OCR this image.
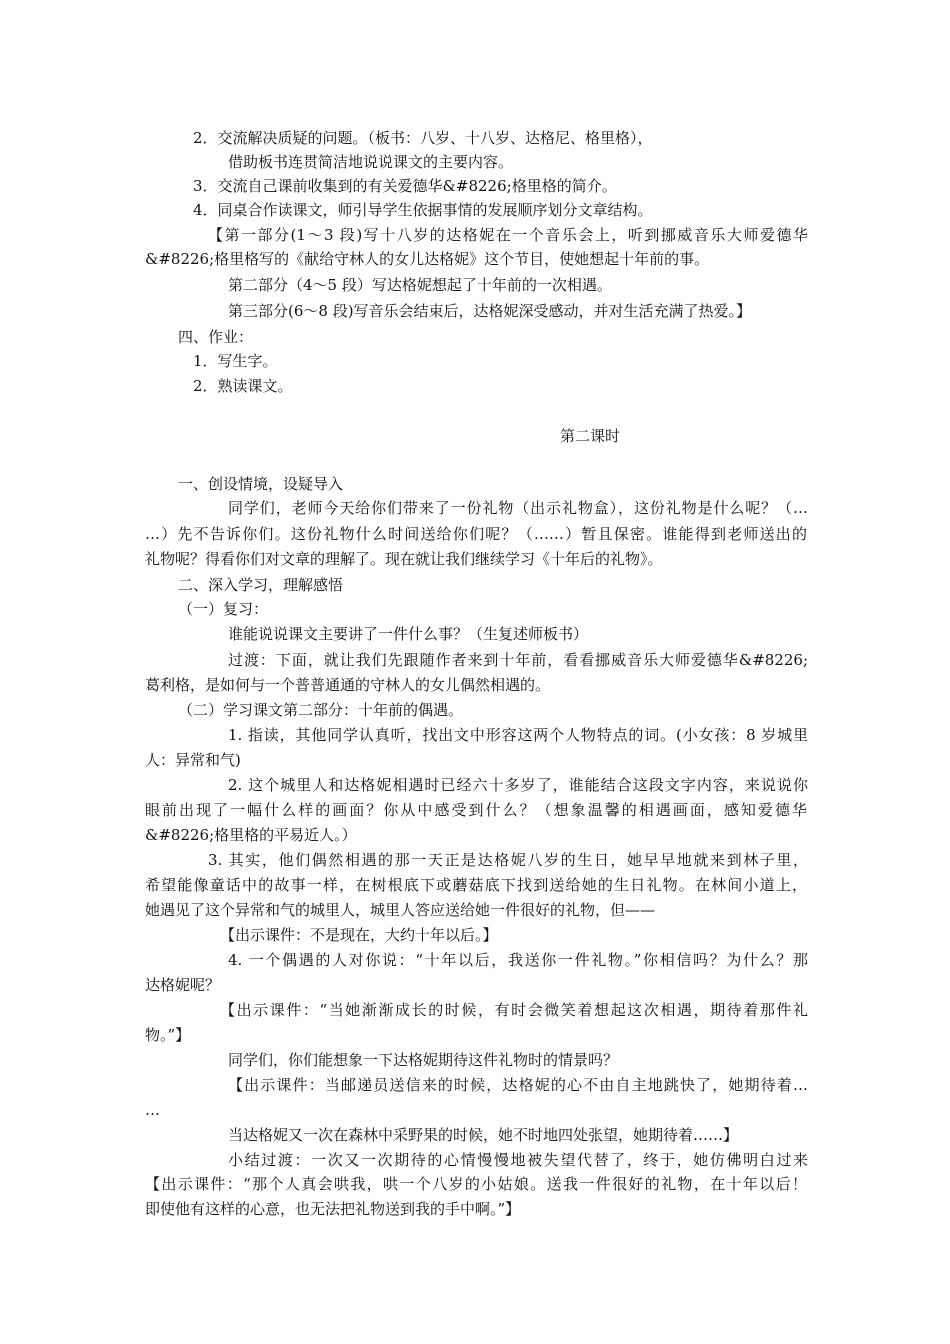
2．交流解决质疑的问题。（板书：八岁、十八岁、达格尼、格里格），
借助板书连贯简洁地说说课文的主要内容。
3．交流自己课前收集到的有关爱德华&#8226;格里格的简介。
4．同桌合作读课文，师引导学生依据事情的发展顺序划分文章结构。
【第一部分(1～3 段)写十八岁的达格妮在一个音乐会上，听到挪威音乐大师爱德华
&#8226;格里格写的《献给守林人的女儿达格妮》这个节目，使她想起十年前的事。
第二部分（4～5 段）写达格妮想起了十年前的一次相遇。
第三部分(6～8 段)写音乐会结束后，达格妮深受感动，并对生活充满了热爱。】
四、作业：
1．写生字。
2．熟读课文。
第二课时
一、创设情境，设疑导入
同学们，老师今天给你们带来了一份礼物（出示礼物盒），这份礼物是什么呢？（…
…）先不告诉你们。这份礼物什么时间送给你们呢？（……）暂且保密。谁能得到老师送出的
礼物呢？得看你们对文章的理解了。现在就让我们继续学习《十年后的礼物》。
二、深入学习，理解感悟
（一）复习：
谁能说说课文主要讲了一件什么事？（生复述师板书）
过渡：下面，就让我们先跟随作者来到十年前，看看挪威音乐大师爱德华&#8226;
葛利格，是如何与一个普普通通的守林人的女儿偶然相遇的。
（二）学习课文第二部分：十年前的偶遇。
1. 指读，其他同学认真听，找出文中形容这两个人物特点的词。(小女孩：8 岁城里
人：异常和气)
2. 这个城里人和达格妮相遇时已经六十多岁了，谁能结合这段文字内容，来说说你
眼前出现了一幅什么样的画面？你从中感受到什么？（想象温馨的相遇画面，感知爱德华
&#8226;格里格的平易近人。）
3. 其实，他们偶然相遇的那一天正是达格妮八岁的生日，她早早地就来到林子里，
希望能像童话中的故事一样，在树根底下或蘑菇底下找到送给她的生日礼物。在林间小道上，
她遇见了这个异常和气的城里人，城里人答应送给她一件很好的礼物，但——
【出示课件：不是现在，大约十年以后。】
4. 一个偶遇的人对你说：“十年以后，我送你一件礼物。”你相信吗？为什么？那
达格妮呢？
【出示课件：“当她渐渐成长的时候，有时会微笑着想起这次相遇，期待着那件礼
物。”】
同学们，你们能想象一下达格妮期待这件礼物时的情景吗？
【出示课件：当邮递员送信来的时候，达格妮的心不由自主地跳快了，她期待着…
…
当达格妮又一次在森林中采野果的时候，她不时地四处张望，她期待着……】
小结过渡：一次又一次期待的心情慢慢地被失望代替了，终于，她仿佛明白过来
【出示课件：“那个人真会哄我，哄一个八岁的小姑娘。送我一件很好的礼物，在十年以后！
即使他有这样的心意，也无法把礼物送到我的手中啊。”】
